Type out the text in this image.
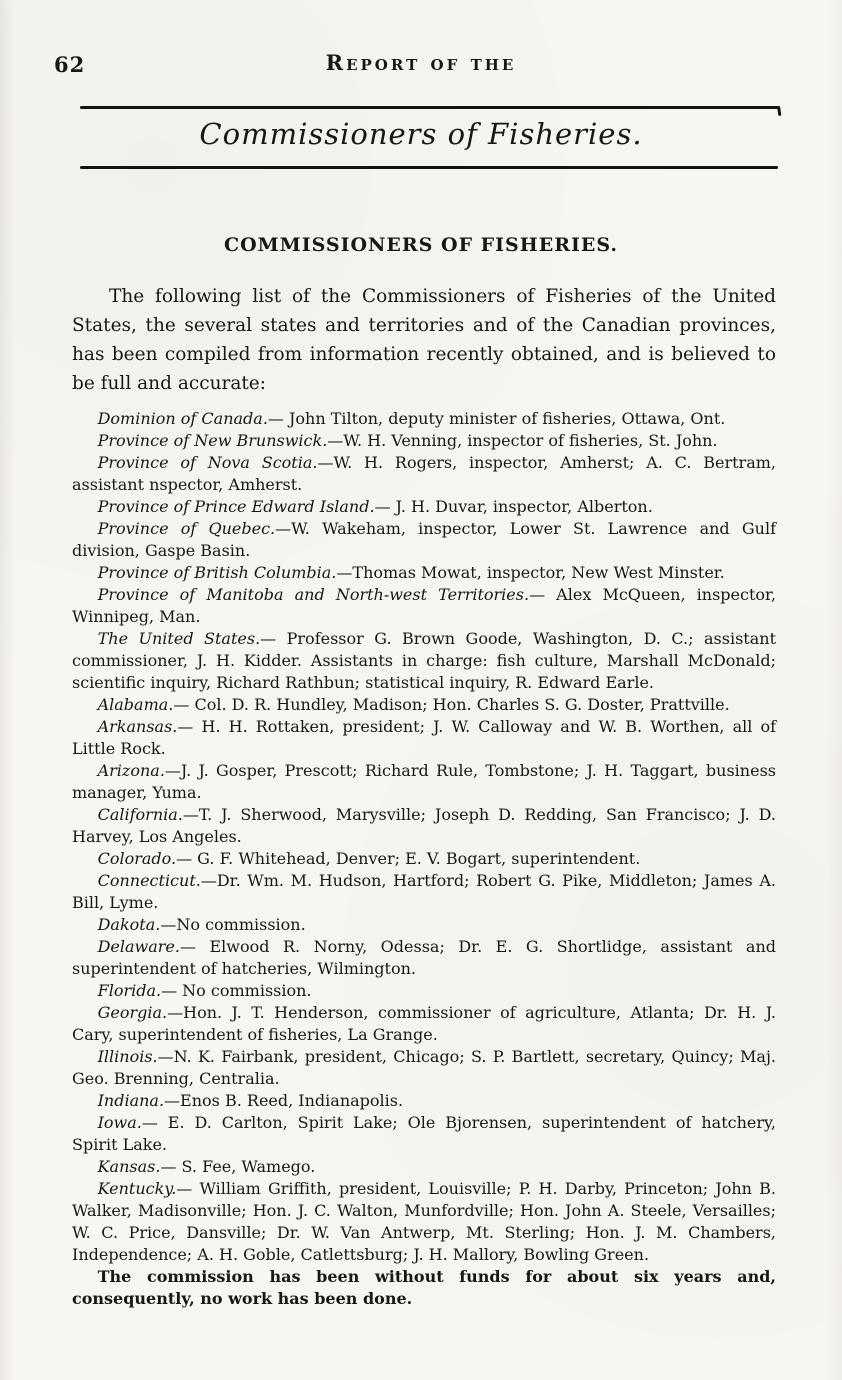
62	Report of the
Commissioners of Fisheries.
COMMISSIONERS OF FISHERIES.

The following list of the Commissioners of Fisheries of the United States, the several states and territories and of the Canadian provinces, has been compiled from information recently obtained, and is believed to be full and accurate:

Dominion of Canada.— John Tilton, deputy minister of fisheries, Ottawa, Ont.

Province of New Brunswick.—W. H. Venning, inspector of fisheries, St. John.

Province of Nova Scotia.—W. H. Rogers, inspector, Amherst; A. C. Bertram, assistant nspector, Amherst.

Province of Prince Edward Island.— J. H. Duvar, inspector, Alberton.

Province of Quebec.—W. Wakeham, inspector, Lower St. Lawrence and Gulf division, Gaspe Basin.

Province of British Columbia.—Thomas Mowat, inspector, New West Minster.

Province of Manitoba and North-west Territories.— Alex McQueen, inspector, Winnipeg, Man.

The United States.— Professor G. Brown Goode, Washington, D. C.; assistant commissioner, J. H. Kidder. Assistants in charge: fish culture, Marshall McDonald; scientific inquiry, Richard Rathbun; statistical inquiry, R. Edward Earle.

Alabama.— Col. D. R. Hundley, Madison; Hon. Charles S. G. Doster, Prattville.

Arkansas.— H. H. Rottaken, president; J. W. Calloway and W. B. Worthen, all of Little Rock.

Arizona.—J. J. Gosper, Prescott; Richard Rule, Tombstone; J. H. Taggart, business manager, Yuma.

California.—T. J. Sherwood, Marysville; Joseph D. Redding, San Francisco; J. D. Harvey, Los Angeles.

Colorado.— G. F. Whitehead, Denver; E. V. Bogart, superintendent.

Connecticut.—Dr. Wm. M. Hudson, Hartford; Robert G. Pike, Middleton; James A. Bill, Lyme.

Dakota.—No commission.

Delaware.— Elwood R. Norny, Odessa; Dr. E. G. Shortlidge, assistant and superintendent of hatcheries, Wilmington.

Florida.— No commission.

Georgia.—Hon. J. T. Henderson, commissioner of agriculture, Atlanta; Dr. H. J. Cary, superintendent of fisheries, La Grange.

Illinois.—N. K. Fairbank, president, Chicago; S. P. Bartlett, secretary, Quincy; Maj. Geo. Brenning, Centralia.

Indiana.—Enos B. Reed, Indianapolis.

Iowa.— E. D. Carlton, Spirit Lake; Ole Bjorensen, superintendent of hatchery, Spirit Lake.

Kansas.— S. Fee, Wamego.

Kentucky.— William Griffith, president, Louisville; P. H. Darby, Princeton; John B. Walker, Madisonville; Hon. J. C. Walton, Munfordville; Hon. John A. Steele, Versailles; W. C. Price, Dansville; Dr. W. Van Antwerp, Mt. Sterling; Hon. J. M. Chambers, Independence; A. H. Goble, Catlettsburg; J. H. Mallory, Bowling Green.

The commission has been without funds for about six years and, consequently, no work has been done.
